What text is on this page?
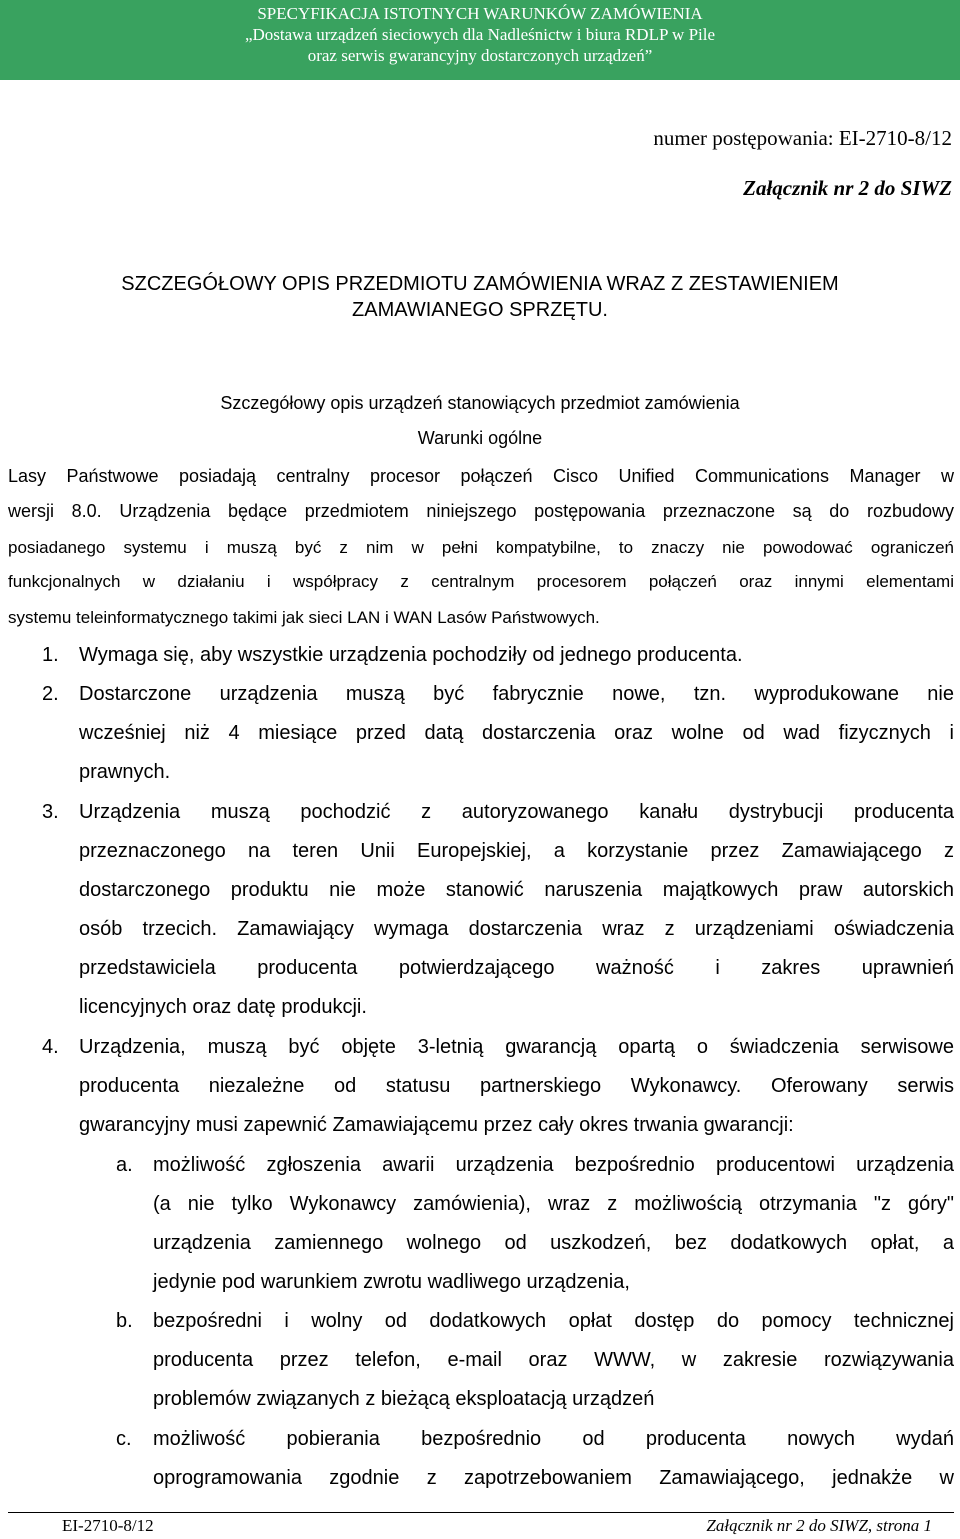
SPECYFIKACJA ISTOTNYCH WARUNKÓW ZAMÓWIENIA
„Dostawa urządzeń sieciowych dla Nadleśnictw i biura RDLP w Pile
oraz serwis gwarancyjny dostarczonych urządzeń”
numer postępowania: EI-2710-8/12
Załącznik nr 2 do SIWZ
SZCZEGÓŁOWY OPIS PRZEDMIOTU ZAMÓWIENIA WRAZ Z ZESTAWIENIEM
ZAMAWIANEGO SPRZĘTU.
Szczegółowy opis urządzeń stanowiących przedmiot zamówienia
Warunki ogólne
Lasy Państwowe posiadają centralny procesor połączeń Cisco Unified Communications Manager w
wersji 8.0. Urządzenia będące przedmiotem niniejszego postępowania przeznaczone są do rozbudowy
posiadanego systemu i muszą być z nim w pełni kompatybilne, to znaczy nie powodować ograniczeń
funkcjonalnych w działaniu i współpracy z centralnym procesorem połączeń oraz innymi elementami
systemu teleinformatycznego takimi jak sieci LAN i WAN Lasów Państwowych.
1. Wymaga się, aby wszystkie urządzenia pochodziły od jednego producenta.
2. Dostarczone urządzenia muszą być fabrycznie nowe, tzn. wyprodukowane nie
wcześniej niż 4 miesiące przed datą dostarczenia oraz wolne od wad fizycznych i
prawnych.
3. Urządzenia muszą pochodzić z autoryzowanego kanału dystrybucji producenta
przeznaczonego na teren Unii Europejskiej, a korzystanie przez Zamawiającego z
dostarczonego produktu nie może stanowić naruszenia majątkowych praw autorskich
osób trzecich. Zamawiający wymaga dostarczenia wraz z urządzeniami oświadczenia
przedstawiciela producenta potwierdzającego ważność i zakres uprawnień
licencyjnych oraz datę produkcji.
4. Urządzenia, muszą być objęte 3-letnią gwarancją opartą o świadczenia serwisowe
producenta niezależne od statusu partnerskiego Wykonawcy. Oferowany serwis
gwarancyjny musi zapewnić Zamawiającemu przez cały okres trwania gwarancji:
a. możliwość zgłoszenia awarii urządzenia bezpośrednio producentowi urządzenia
(a nie tylko Wykonawcy zamówienia), wraz z możliwością otrzymania "z góry"
urządzenia zamiennego wolnego od uszkodzeń, bez dodatkowych opłat, a
jedynie pod warunkiem zwrotu wadliwego urządzenia,
b. bezpośredni i wolny od dodatkowych opłat dostęp do pomocy technicznej
producenta przez telefon, e-mail oraz WWW, w zakresie rozwiązywania
problemów związanych z bieżącą eksploatacją urządzeń
c. możliwość pobierania bezpośrednio od producenta nowych wydań
oprogramowania zgodnie z zapotrzebowaniem Zamawiającego, jednakże w
EI-2710-8/12	Załącznik nr 2 do SIWZ, strona 1
